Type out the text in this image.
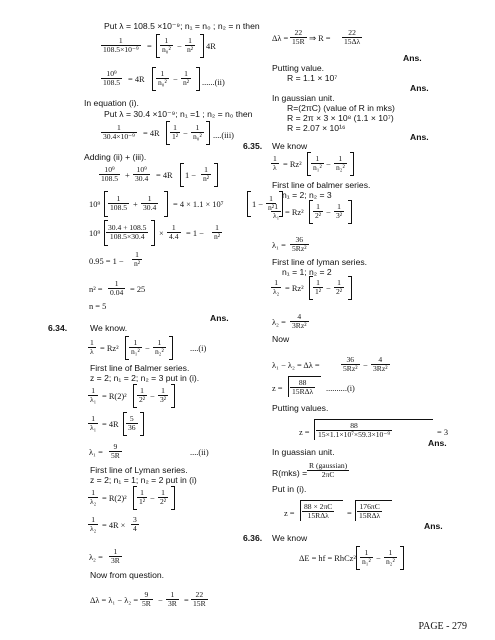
Put λ = 108.5 ×10⁻⁹; n₁ = n₀ ; n₂ = n then
$\frac{1}{\text{108.5×10⁻⁹}} = \frac{1}{\text{n₀²}} - \frac{1}{\text{n²}} 4R$
$\frac{\text{10⁹}}{108.5} = 4R \frac{1}{\text{n₀²}} - \frac{1}{\text{n²}} ......(ii)$
In equation (i).
Put λ = 30.4 ×10⁻⁹; n₁ =1 ; n₂ = n₀ then
$\frac{1}{\text{30.4×10⁻⁹}} = 4R \frac{1}{\text{1²}} - \frac{1}{\text{n₀²}} ....(iii)$
Adding (ii) + (iii).
$\frac{\text{10⁹}}{108.5} + \frac{\text{10⁹}}{30.4} = 4R$ $1 - \frac{1}{\text{n²}}$
$10^9 \frac{1}{108.5} + \frac{1}{30.4} = 4 \times 1.1 \times 10^7$	$1 - \frac{1}{\text{n²}}$
$10^9 \frac{30.4 + 108.5}{108.5\times 30.4} \times \frac{1}{4.4} = 1 - \frac{1}{\text{n²}}$
$0.95 = 1 - \frac{1}{\text{n²}}$
$n^2 = \frac{1}{0.04} = 25$
n = 5
Ans.
6.34.	We know.
$\frac{1}{\lambda} = Rz^2 \frac{1}{\text{n₁²}} - \frac{1}{\text{n₂²}}$	....(i)
First line of Balmer series.
z = 2; n₁ = 2; n₂ = 3 put in (i).
$\frac{1}{\text{λ₁}} = R(2)^2 \frac{1}{\text{2²}} - \frac{1}{\text{3²}}$
$\frac{1}{\text{λ₁}} = 4R \frac{5}{36}$
$\lambda_1 = \frac{9}{5R}$	....(ii)
First line of Lyman series.
z = 2; n₁ = 1; n₂ = 2 put in (i)
$\frac{1}{\text{λ₂}} = R(2)^2 \frac{1}{\text{1²}} - \frac{1}{\text{2²}}$
$\frac{1}{\text{λ₂}} = 4R \times \frac{3}{4}$
$\lambda_2 = \frac{1}{3R}$
Now from question.
$\Delta\lambda = \lambda_1 - \lambda_2 = \frac{9}{5R} - \frac{1}{3R} = \frac{22}{15R}$
$\Delta\lambda = \frac{22}{15R}$ ⇒ $R = \frac{22}{15\Delta\lambda}$
Ans.
Putting value.
R = 1.1 × 10⁷
Ans.
In gaussian unit.
R=(2πC) (value of R in mks)
R = 2π × 3 × 10⁸ (1.1 × 10⁷)
R = 2.07 × 10¹⁶
Ans.
6.35. We know
$\frac{1}{\lambda} = Rz^2 \frac{1}{\text{n₁²}} - \frac{1}{\text{n₂²}}$
First line of balmer series.
n₁ = 2; n₂ = 3
$\frac{1}{\text{λ₁}} = Rz^2 \frac{1}{\text{2²}} - \frac{1}{\text{3²}}$
$\lambda_1 = \frac{36}{\text{5Rz²}}$
First line of lyman series.
n₁ = 1; n₂ = 2
$\frac{1}{\text{λ₂}} = Rz^2 \frac{1}{\text{1²}} - \frac{1}{\text{2²}}$
$\lambda_2 = \frac{4}{\text{3Rz²}}$
Now
λ₁ − λ₂ = Δλ =	$\frac{36}{\text{5Rz²}} - \frac{4}{\text{3Rz²}}$
z =
88
15RΔλ ..........(i)
Putting values.
$z = \frac{88}{\text{15×1.1×10⁷×59.3×10⁻⁹}}$	= 3
Ans.
In guassian unit.
R(mks) =
R (gaussian)
2πC
Put in (i).
z =
88 × 2πC
15RΔλ	=
176πC
15RΔλ
Ans.
6.36. We know
ΔE = hf = RhCz² $\frac{1}{\text{n₁²}} - \frac{1}{\text{n₂²}}$
PAGE - 279
